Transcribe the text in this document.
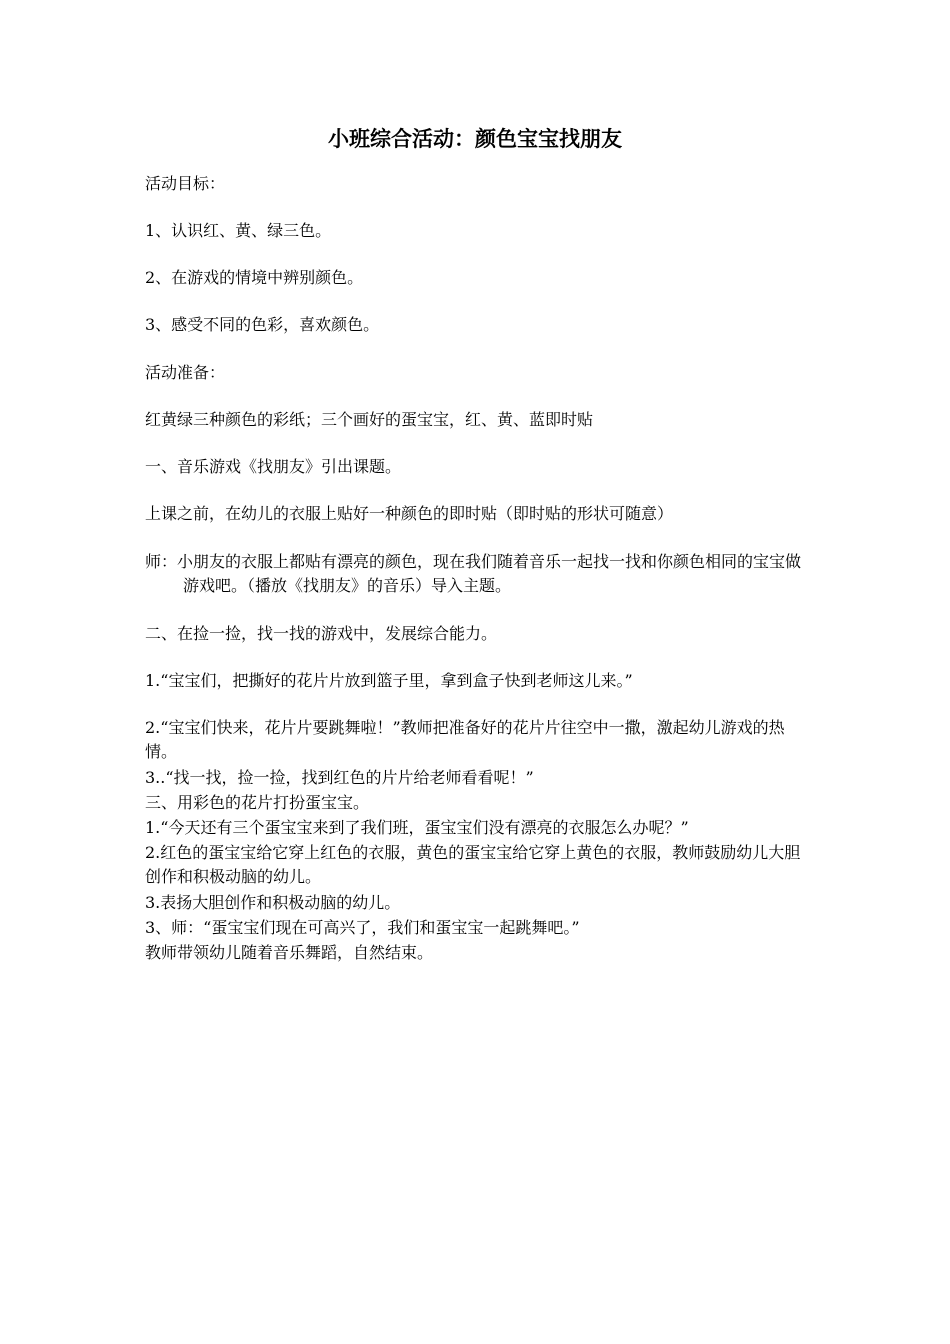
小班综合活动：颜色宝宝找朋友

活动目标：

1、认识红、黄、绿三色。

2、在游戏的情境中辨别颜色。

3、感受不同的色彩，喜欢颜色。

活动准备：

红黄绿三种颜色的彩纸；三个画好的蛋宝宝，红、黄、蓝即时贴

一、音乐游戏《找朋友》引出课题。

上课之前，在幼儿的衣服上贴好一种颜色的即时贴（即时贴的形状可随意）

师：小朋友的衣服上都贴有漂亮的颜色，现在我们随着音乐一起找一找和你颜色相同的宝宝做游戏吧。（播放《找朋友》的音乐）导入主题。

二、在捡一捡，找一找的游戏中，发展综合能力。

1.“宝宝们，把撕好的花片片放到篮子里，拿到盒子快到老师这儿来。”

2.“宝宝们快来，花片片要跳舞啦！”教师把准备好的花片片往空中一撒，激起幼儿游戏的热情。

3..“找一找，捡一捡，找到红色的片片给老师看看呢！”

三、用彩色的花片打扮蛋宝宝。

1.“今天还有三个蛋宝宝来到了我们班，蛋宝宝们没有漂亮的衣服怎么办呢？”

2.红色的蛋宝宝给它穿上红色的衣服，黄色的蛋宝宝给它穿上黄色的衣服，教师鼓励幼儿大胆创作和积极动脑的幼儿。

3.表扬大胆创作和积极动脑的幼儿。

3、师：“蛋宝宝们现在可高兴了，我们和蛋宝宝一起跳舞吧。”

教师带领幼儿随着音乐舞蹈，自然结束。
